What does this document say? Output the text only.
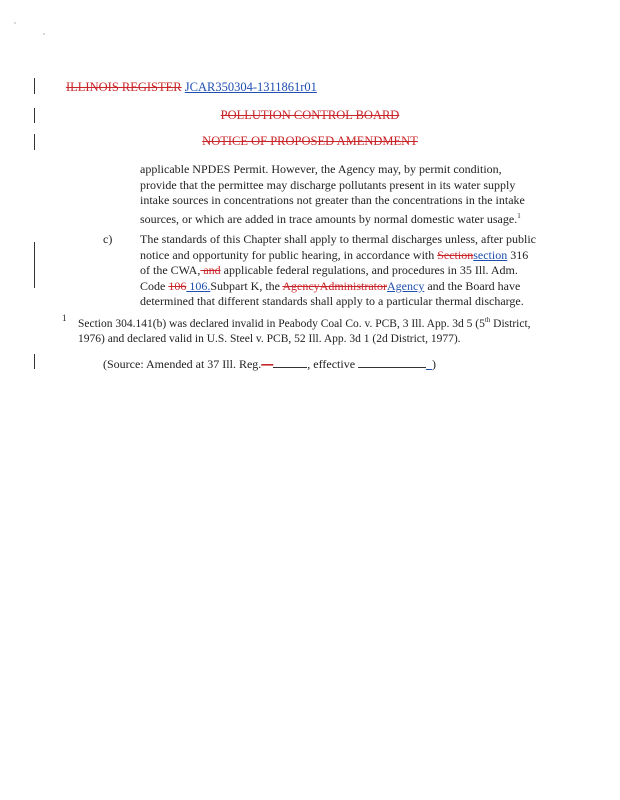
ILLINOIS REGISTER JCAR350304-1311861r01
POLLUTION CONTROL BOARD
NOTICE OF PROPOSED AMENDMENT
applicable NPDES Permit. However, the Agency may, by permit condition, provide that the permittee may discharge pollutants present in its water supply intake sources in concentrations not greater than the concentrations in the intake sources, or which are added in trace amounts by normal domestic water usage.$^1$
c) The standards of this Chapter shall apply to thermal discharges unless, after public notice and opportunity for public hearing, in accordance with Sectionsection 316 of the CWA, and applicable federal regulations, and procedures in 35 Ill. Adm. Code 106 106.Subpart K, the AgencyAdministratorAgency and the Board have determined that different standards shall apply to a particular thermal discharge.
1 Section 304.141(b) was declared invalid in Peabody Coal Co. v. PCB, 3 Ill. App. 3d 5 (5th District, 1976) and declared valid in U.S. Steel v. PCB, 52 Ill. App. 3d 1 (2d District, 1977).
(Source: Amended at 37 Ill. Reg.—	, effective	_)
